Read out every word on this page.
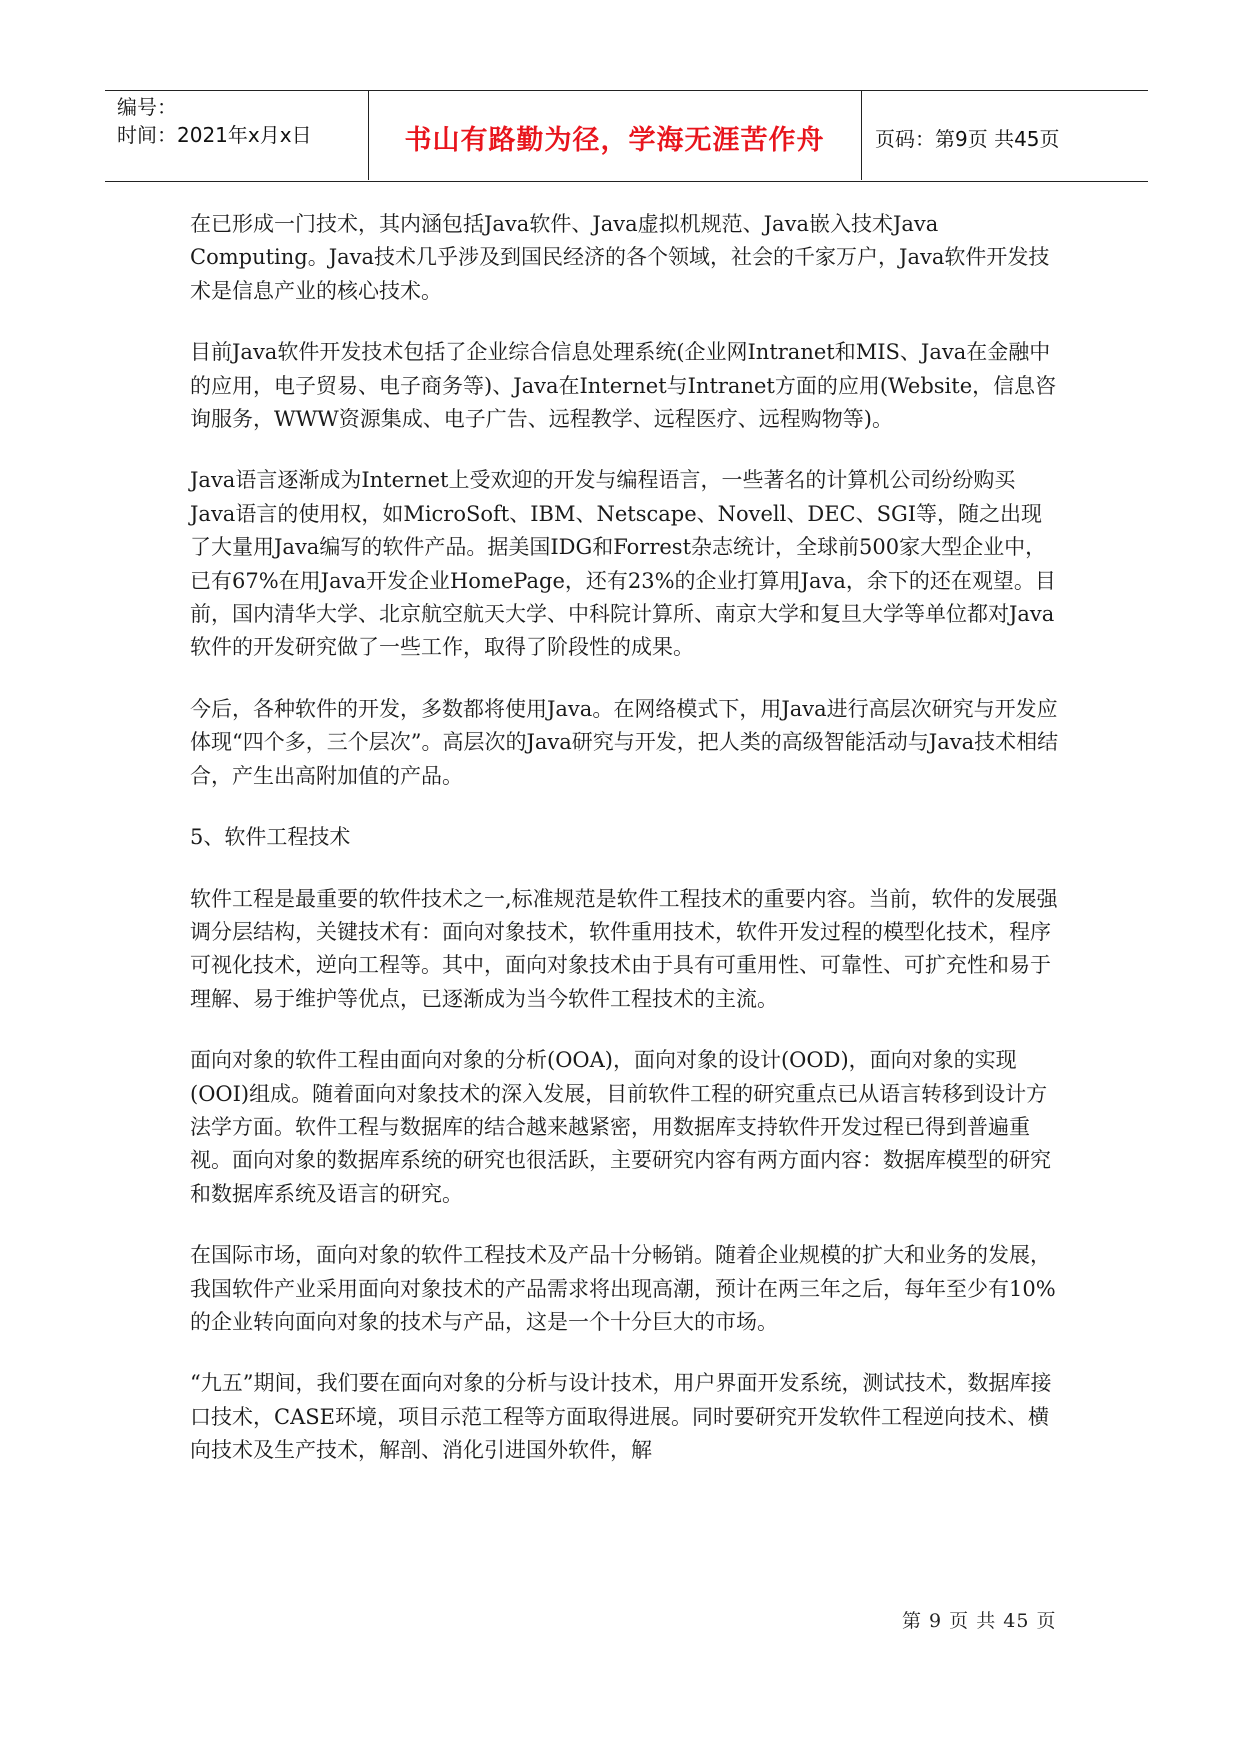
编号：
时间：2021年x月x日	书山有路勤为径，学海无涯苦作舟	页码：第9页 共45页

在已形成一门技术，其内涵包括Java软件、Java虚拟机规范、Java嵌入技术Java Computing。Java技术几乎涉及到国民经济的各个领域，社会的千家万户，Java软件开发技术是信息产业的核心技术。

目前Java软件开发技术包括了企业综合信息处理系统(企业网Intranet和MIS、Java在金融中的应用，电子贸易、电子商务等)、Java在Internet与Intranet方面的应用(Website，信息咨询服务，WWW资源集成、电子广告、远程教学、远程医疗、远程购物等)。

Java语言逐渐成为Internet上受欢迎的开发与编程语言，一些著名的计算机公司纷纷购买Java语言的使用权，如MicroSoft、IBM、Netscape、Novell、DEC、SGI等，随之出现了大量用Java编写的软件产品。据美国IDG和Forrest杂志统计，全球前500家大型企业中，已有67%在用Java开发企业HomePage，还有23%的企业打算用Java，余下的还在观望。目前，国内清华大学、北京航空航天大学、中科院计算所、南京大学和复旦大学等单位都对Java软件的开发研究做了一些工作，取得了阶段性的成果。

今后，各种软件的开发，多数都将使用Java。在网络模式下，用Java进行高层次研究与开发应体现“四个多，三个层次”。高层次的Java研究与开发，把人类的高级智能活动与Java技术相结合，产生出高附加值的产品。

5、软件工程技术

软件工程是最重要的软件技术之一,标准规范是软件工程技术的重要内容。当前，软件的发展强调分层结构，关键技术有：面向对象技术，软件重用技术，软件开发过程的模型化技术，程序可视化技术，逆向工程等。其中，面向对象技术由于具有可重用性、可靠性、可扩充性和易于理解、易于维护等优点，已逐渐成为当今软件工程技术的主流。

面向对象的软件工程由面向对象的分析(OOA)，面向对象的设计(OOD)，面向对象的实现(OOI)组成。随着面向对象技术的深入发展，目前软件工程的研究重点已从语言转移到设计方法学方面。软件工程与数据库的结合越来越紧密，用数据库支持软件开发过程已得到普遍重视。面向对象的数据库系统的研究也很活跃，主要研究内容有两方面内容：数据库模型的研究和数据库系统及语言的研究。

在国际市场，面向对象的软件工程技术及产品十分畅销。随着企业规模的扩大和业务的发展，我国软件产业采用面向对象技术的产品需求将出现高潮，预计在两三年之后，每年至少有10%的企业转向面向对象的技术与产品，这是一个十分巨大的市场。

“九五”期间，我们要在面向对象的分析与设计技术，用户界面开发系统，测试技术，数据库接口技术，CASE环境，项目示范工程等方面取得进展。同时要研究开发软件工程逆向技术、横向技术及生产技术，解剖、消化引进国外软件，解

第 9 页 共 45 页
